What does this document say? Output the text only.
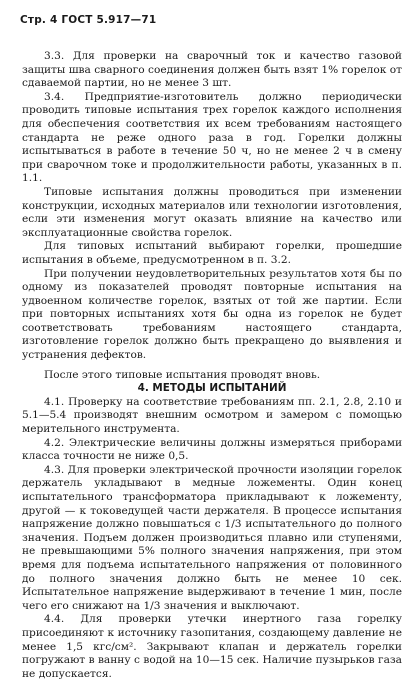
Стр. 4 ГОСТ 5.917—71

3.3. Для проверки на сварочный ток и качество газовой защиты шва сварного соединения должен быть взят 1% горелок от сдаваемой партии, но не менее 3 шт.

3.4. Предприятие-изготовитель должно периодически проводить типовые испытания трех горелок каждого исполнения для обеспечения соответствия их всем требованиям настоящего стандарта не реже одного раза в год. Горелки должны испытываться в работе в течение 50 ч, но не менее 2 ч в смену при сварочном токе и продолжительности работы, указанных в п. 1.1.

Типовые испытания должны проводиться при изменении конструкции, исходных материалов или технологии изготовления, если эти изменения могут оказать влияние на качество или эксплуатационные свойства горелок.

Для типовых испытаний выбирают горелки, прошедшие испытания в объеме, предусмотренном в п. 3.2.

При получении неудовлетворительных результатов хотя бы по одному из показателей проводят повторные испытания на удвоенном количестве горелок, взятых от той же партии. Если при повторных испытаниях хотя бы одна из горелок не будет соответствовать требованиям настоящего стандарта, изготовление горелок должно быть прекращено до выявления и устранения дефектов.

После этого типовые испытания проводят вновь.

4. МЕТОДЫ ИСПЫТАНИЙ

4.1. Проверку на соответствие требованиям пп. 2.1, 2.8, 2.10 и 5.1—5.4 производят внешним осмотром и замером с помощью мерительного инструмента.

4.2. Электрические величины должны измеряться приборами класса точности не ниже 0,5.

4.3. Для проверки электрической прочности изоляции горелок держатель укладывают в медные ложементы. Один конец испытательного трансформатора прикладывают к ложементу, другой — к токоведущей части держателя. В процессе испытания напряжение должно повышаться с 1/3 испытательного до полного значения. Подъем должен производиться плавно или ступенями, не превышающими 5% полного значения напряжения, при этом время для подъема испытательного напряжения от половинного до полного значения должно быть не менее 10 сек. Испытательное напряжение выдерживают в течение 1 мин, после чего его снижают на 1/3 значения и выключают.

4.4. Для проверки утечки инертного газа горелку присоединяют к источнику газопитания, создающему давление не менее 1,5 кгс/см². Закрывают клапан и держатель горелки погружают в ванну с водой на 10—15 сек. Наличие пузырьков газа не допускается.
